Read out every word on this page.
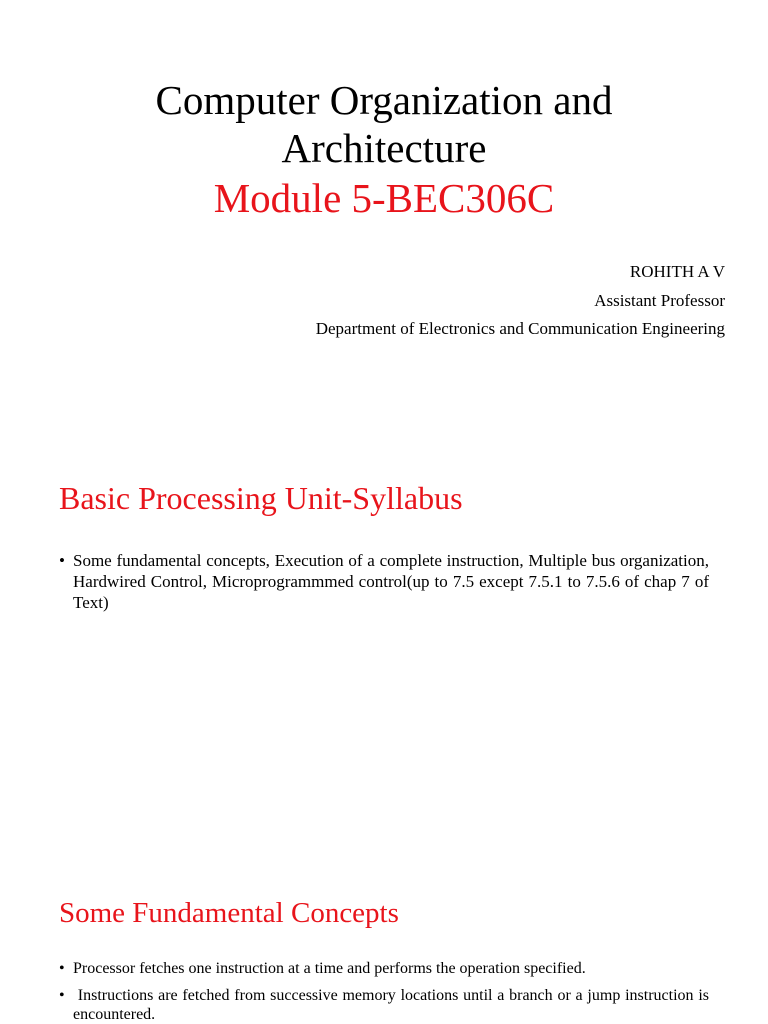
Computer Organization and
Architecture
Module 5-BEC306C
ROHITH A V
Assistant Professor
Department of Electronics and Communication Engineering
Basic Processing Unit-Syllabus
• Some fundamental concepts, Execution of a complete instruction, Multiple bus organization, Hardwired Control, Microprogrammmed control(up to 7.5 except 7.5.1 to 7.5.6 of chap 7 of Text)
Some Fundamental Concepts
• Processor fetches one instruction at a time and performs the operation specified.
• Instructions are fetched from successive memory locations until a branch or a jump instruction is encountered.
